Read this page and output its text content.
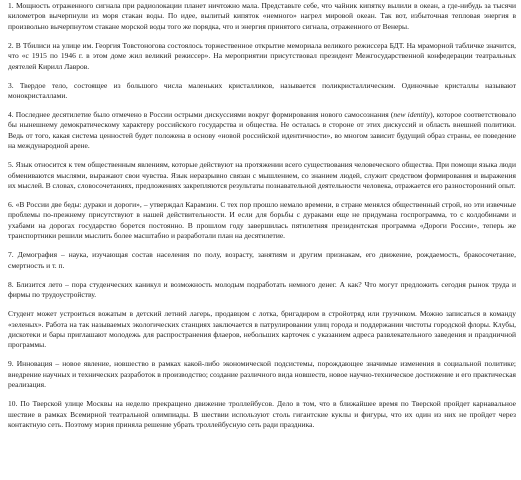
1. Мощность отраженного сигнала при радиолокации планет ничтожно мала. Представьте себе, что чайник кипятку вылили в океан, а где-нибудь за тысячи километров вычерпнули из моря стакан воды. По идее, вылитый кипяток «немного» нагрел мировой океан. Так вот, избыточная тепловая энергия в произвольно вычерпнутом стакане морской воды того же порядка, что и энергия принятого сигнала, отраженного от Венеры.

2. В Тбилиси на улице им. Георгия Товстоногова состоялось торжественное открытие мемориала великого режиссера БДТ. На мраморной табличке значится, что «с 1915 по 1946 г. в этом доме жил великий режиссер». На мероприятии присутствовал президент Межгосударственной конфедерации театральных деятелей Кирилл Лавров.

3. Твердое тело, состоящее из большого числа маленьких кристалликов, называется поликристаллическим. Одиночные кристаллы называют монокристаллами.

4. Последнее десятилетие было отмечено в России острыми дискуссиями вокруг формирования нового самосознания (new identity), которое соответствовало бы нынешнему демократическому характеру российского государства и общества. Не осталась в стороне от этих дискуссий и область внешней политики. Ведь от того, какая система ценностей будет положена в основу «новой российской идентичности», во многом зависит будущий образ страны, ее поведение на международной арене.

5. Язык относится к тем общественным явлениям, которые действуют на протяжении всего существования человеческого общества. При помощи языка люди обмениваются мыслями, выражают свои чувства. Язык неразрывно связан с мышлением, со знанием людей, служит средством формирования и выражения их мыслей. В словах, словосочетаниях, предложениях закрепляются результаты познавательной деятельности человека, отражается его разносторонний опыт.

6. «В России две беды: дураки и дороги», – утверждал Карамзин. С тех пор прошло немало времени, в стране менялся общественный строй, но эти извечные проблемы по-прежнему присутствуют в нашей действительности. И если для борьбы с дураками еще не придумана госпрограмма, то с колдобинами и ухабами на дорогах государство борется постоянно. В прошлом году завершилась пятилетняя президентская программа «Дороги России», теперь же транспортники решили мыслить более масштабно и разработали план на десятилетие.

7. Демография – наука, изучающая состав населения по полу, возрасту, занятиям и другим признакам, его движение, рождаемость, бракосочетание, смертность и т. п.

8. Близится лето – пора студенческих каникул и возможность молодым подработать немного денег. А как? Что могут предложить сегодня рынок труда и фирмы по трудоустройству.

Студент может устроиться вожатым в детский летний лагерь, продавцом с лотка, бригадиром в стройотряд или грузчиком. Можно записаться в команду «зеленых». Работа на так называемых экологических станциях заключается в патрулировании улиц города и поддержании чистоты городской флоры. Клубы, дискотеки и бары приглашают молодежь для распространения флаеров, небольших карточек с указанием адреса развлекательного заведения и праздничной программы.

9. Инновация – новое явление, новшество в рамках какой-либо экономической подсистемы, порождающее значимые изменения в социальной политике; внедрение научных и технических разработок в производство; создание различного вида новшеств, новое научно-техническое достижение и его практическая реализация.

10. По Тверской улице Москвы на неделю прекращено движение троллейбусов. Дело в том, что в ближайшее время по Тверской пройдет карнавальное шествие в рамках Всемирной театральной олимпиады. В шествии используют столь гигантские куклы и фигуры, что их один из них не пройдет через контактную сеть. Поэтому мэрия приняла решение убрать троллейбусную сеть ради праздника.
